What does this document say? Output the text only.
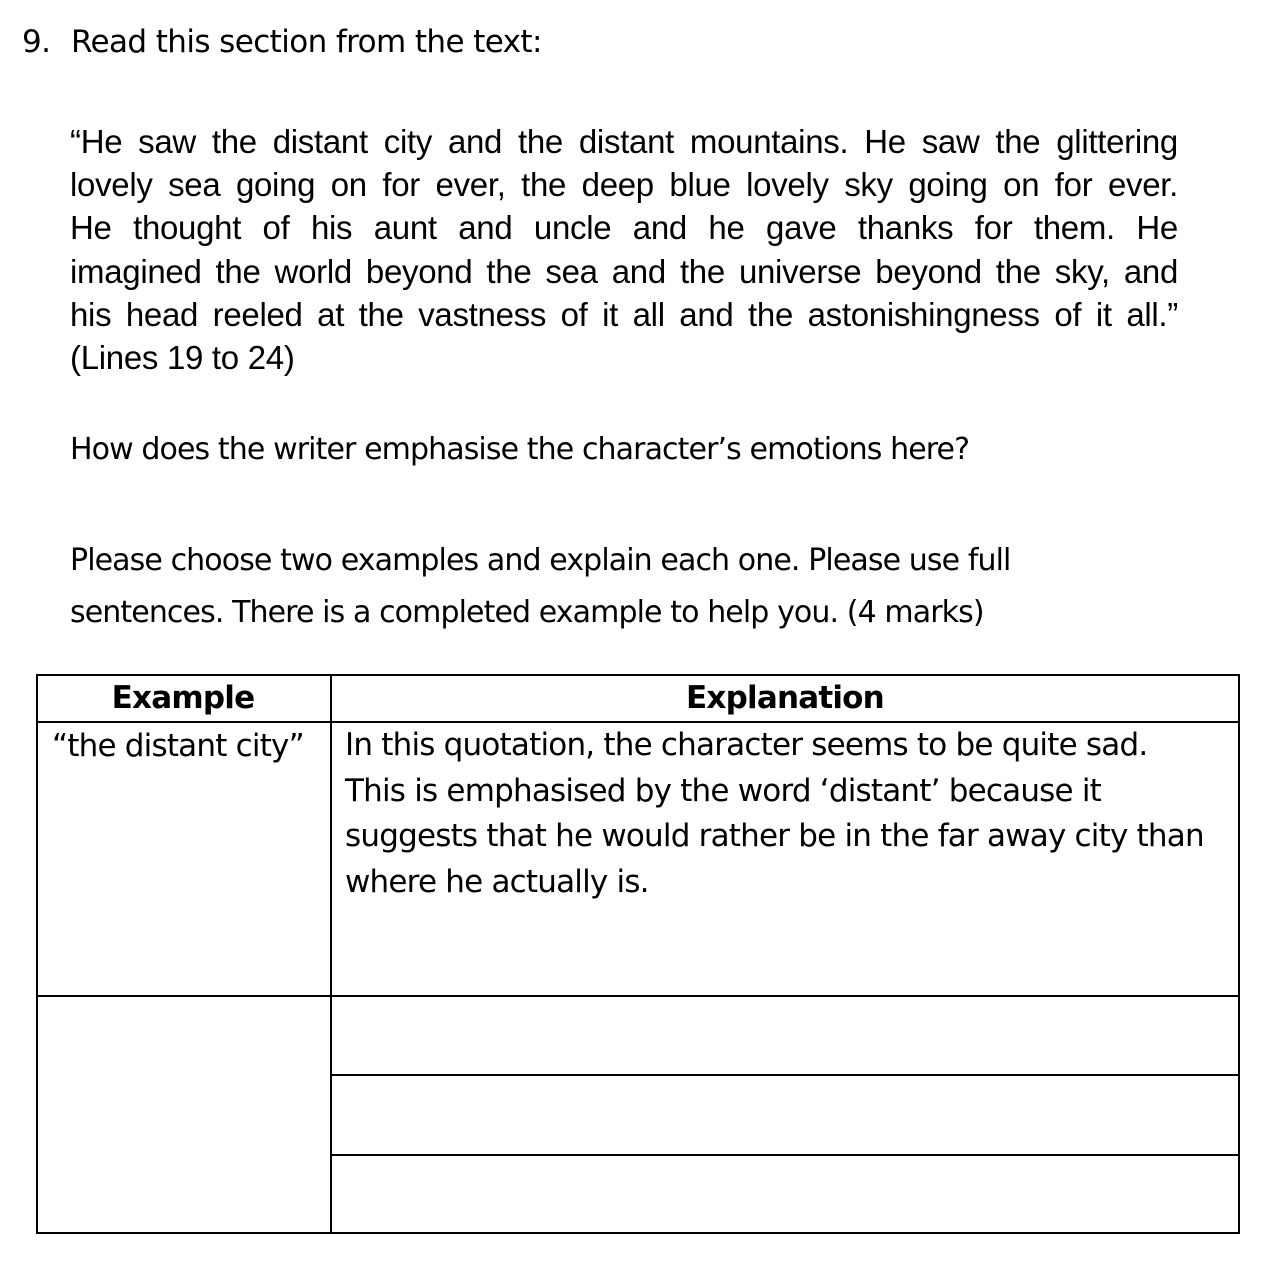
9. Read this section from the text:
“He saw the distant city and the distant mountains. He saw the glittering
lovely sea going on for ever, the deep blue lovely sky going on for ever.
He thought of his aunt and uncle and he gave thanks for them. He
imagined the world beyond the sea and the universe beyond the sky, and
his head reeled at the vastness of it all and the astonishingness of it all.”
(Lines 19 to 24)
How does the writer emphasise the character’s emotions here?
Please choose two examples and explain each one. Please use full
sentences. There is a completed example to help you. (4 marks)
Example	Explanation
“the distant city” In this quotation, the character seems to be quite sad.
This is emphasised by the word ‘distant’ because it
suggests that he would rather be in the far away city than
where he actually is.
